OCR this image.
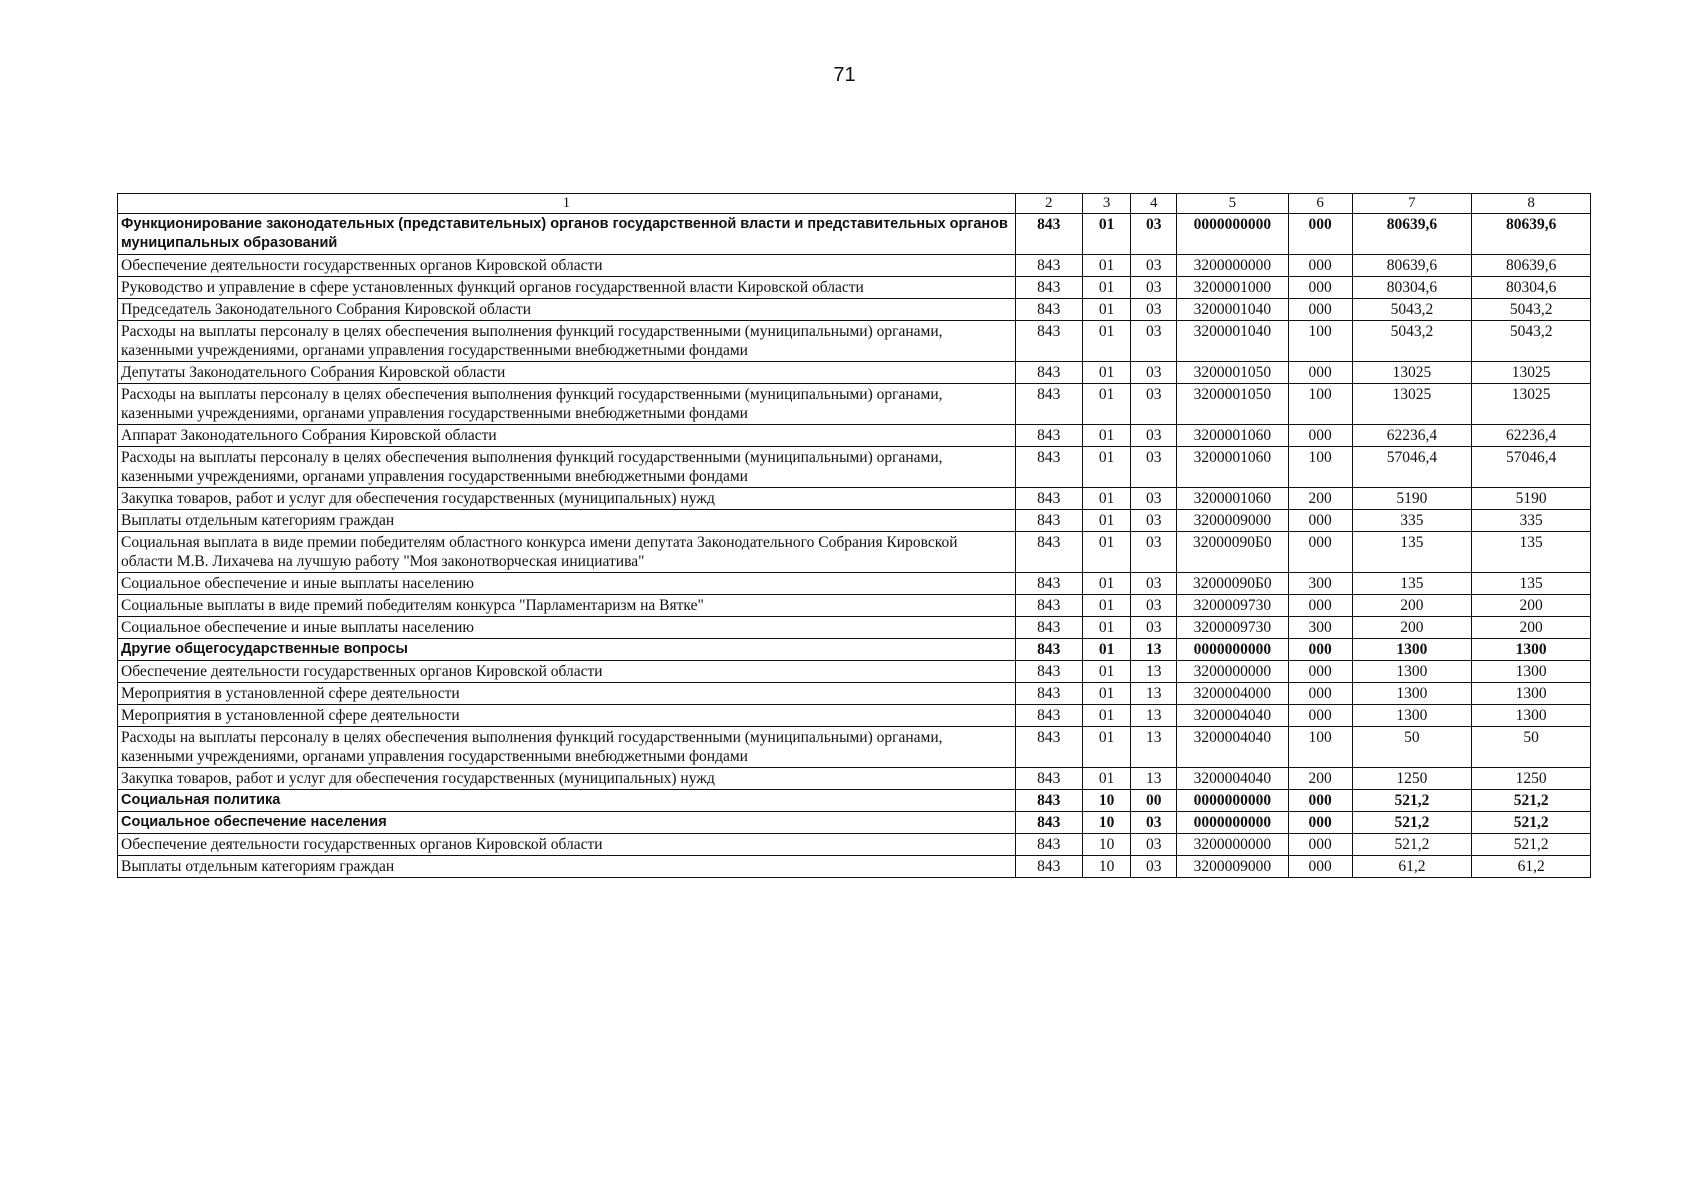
71
1	2	3	4	5	6	7	8
Функционирование законодательных (представительных) органов государственной власти и представительных органов муниципальных образований	843	01	03	0000000000	000	80639,6	80639,6
Обеспечение деятельности государственных органов Кировской области	843	01	03	3200000000	000	80639,6	80639,6
Руководство и управление в сфере установленных функций органов государственной власти Кировской области	843	01	03	3200001000	000	80304,6	80304,6
Председатель Законодательного Собрания Кировской области	843	01	03	3200001040	000	5043,2	5043,2
Расходы на выплаты персоналу в целях обеспечения выполнения функций государственными (муниципальными) органами, казенными учреждениями, органами управления государственными внебюджетными фондами	843	01	03	3200001040	100	5043,2	5043,2
Депутаты Законодательного Собрания Кировской области	843	01	03	3200001050	000	13025	13025
Расходы на выплаты персоналу в целях обеспечения выполнения функций государственными (муниципальными) органами, казенными учреждениями, органами управления государственными внебюджетными фондами	843	01	03	3200001050	100	13025	13025
Аппарат Законодательного Собрания Кировской области	843	01	03	3200001060	000	62236,4	62236,4
Расходы на выплаты персоналу в целях обеспечения выполнения функций государственными (муниципальными) органами, казенными учреждениями, органами управления государственными внебюджетными фондами	843	01	03	3200001060	100	57046,4	57046,4
Закупка товаров, работ и услуг для обеспечения государственных (муниципальных) нужд	843	01	03	3200001060	200	5190	5190
Выплаты отдельным категориям граждан	843	01	03	3200009000	000	335	335
Социальная выплата в виде премии победителям областного конкурса имени депутата Законодательного Собрания Кировской области М.В. Лихачева на лучшую работу "Моя законотворческая инициатива"	843	01	03	32000090Б0	000	135	135
Социальное обеспечение и иные выплаты населению	843	01	03	32000090Б0	300	135	135
Социальные выплаты в виде премий победителям конкурса "Парламентаризм на Вятке"	843	01	03	3200009730	000	200	200
Социальное обеспечение и иные выплаты населению	843	01	03	3200009730	300	200	200
Другие общегосударственные вопросы	843	01	13	0000000000	000	1300	1300
Обеспечение деятельности государственных органов Кировской области	843	01	13	3200000000	000	1300	1300
Мероприятия в установленной сфере деятельности	843	01	13	3200004000	000	1300	1300
Мероприятия в установленной сфере деятельности	843	01	13	3200004040	000	1300	1300
Расходы на выплаты персоналу в целях обеспечения выполнения функций государственными (муниципальными) органами, казенными учреждениями, органами управления государственными внебюджетными фондами	843	01	13	3200004040	100	50	50
Закупка товаров, работ и услуг для обеспечения государственных (муниципальных) нужд	843	01	13	3200004040	200	1250	1250
Социальная политика	843	10	00	0000000000	000	521,2	521,2
Социальное обеспечение населения	843	10	03	0000000000	000	521,2	521,2
Обеспечение деятельности государственных органов Кировской области	843	10	03	3200000000	000	521,2	521,2
Выплаты отдельным категориям граждан	843	10	03	3200009000	000	61,2	61,2
